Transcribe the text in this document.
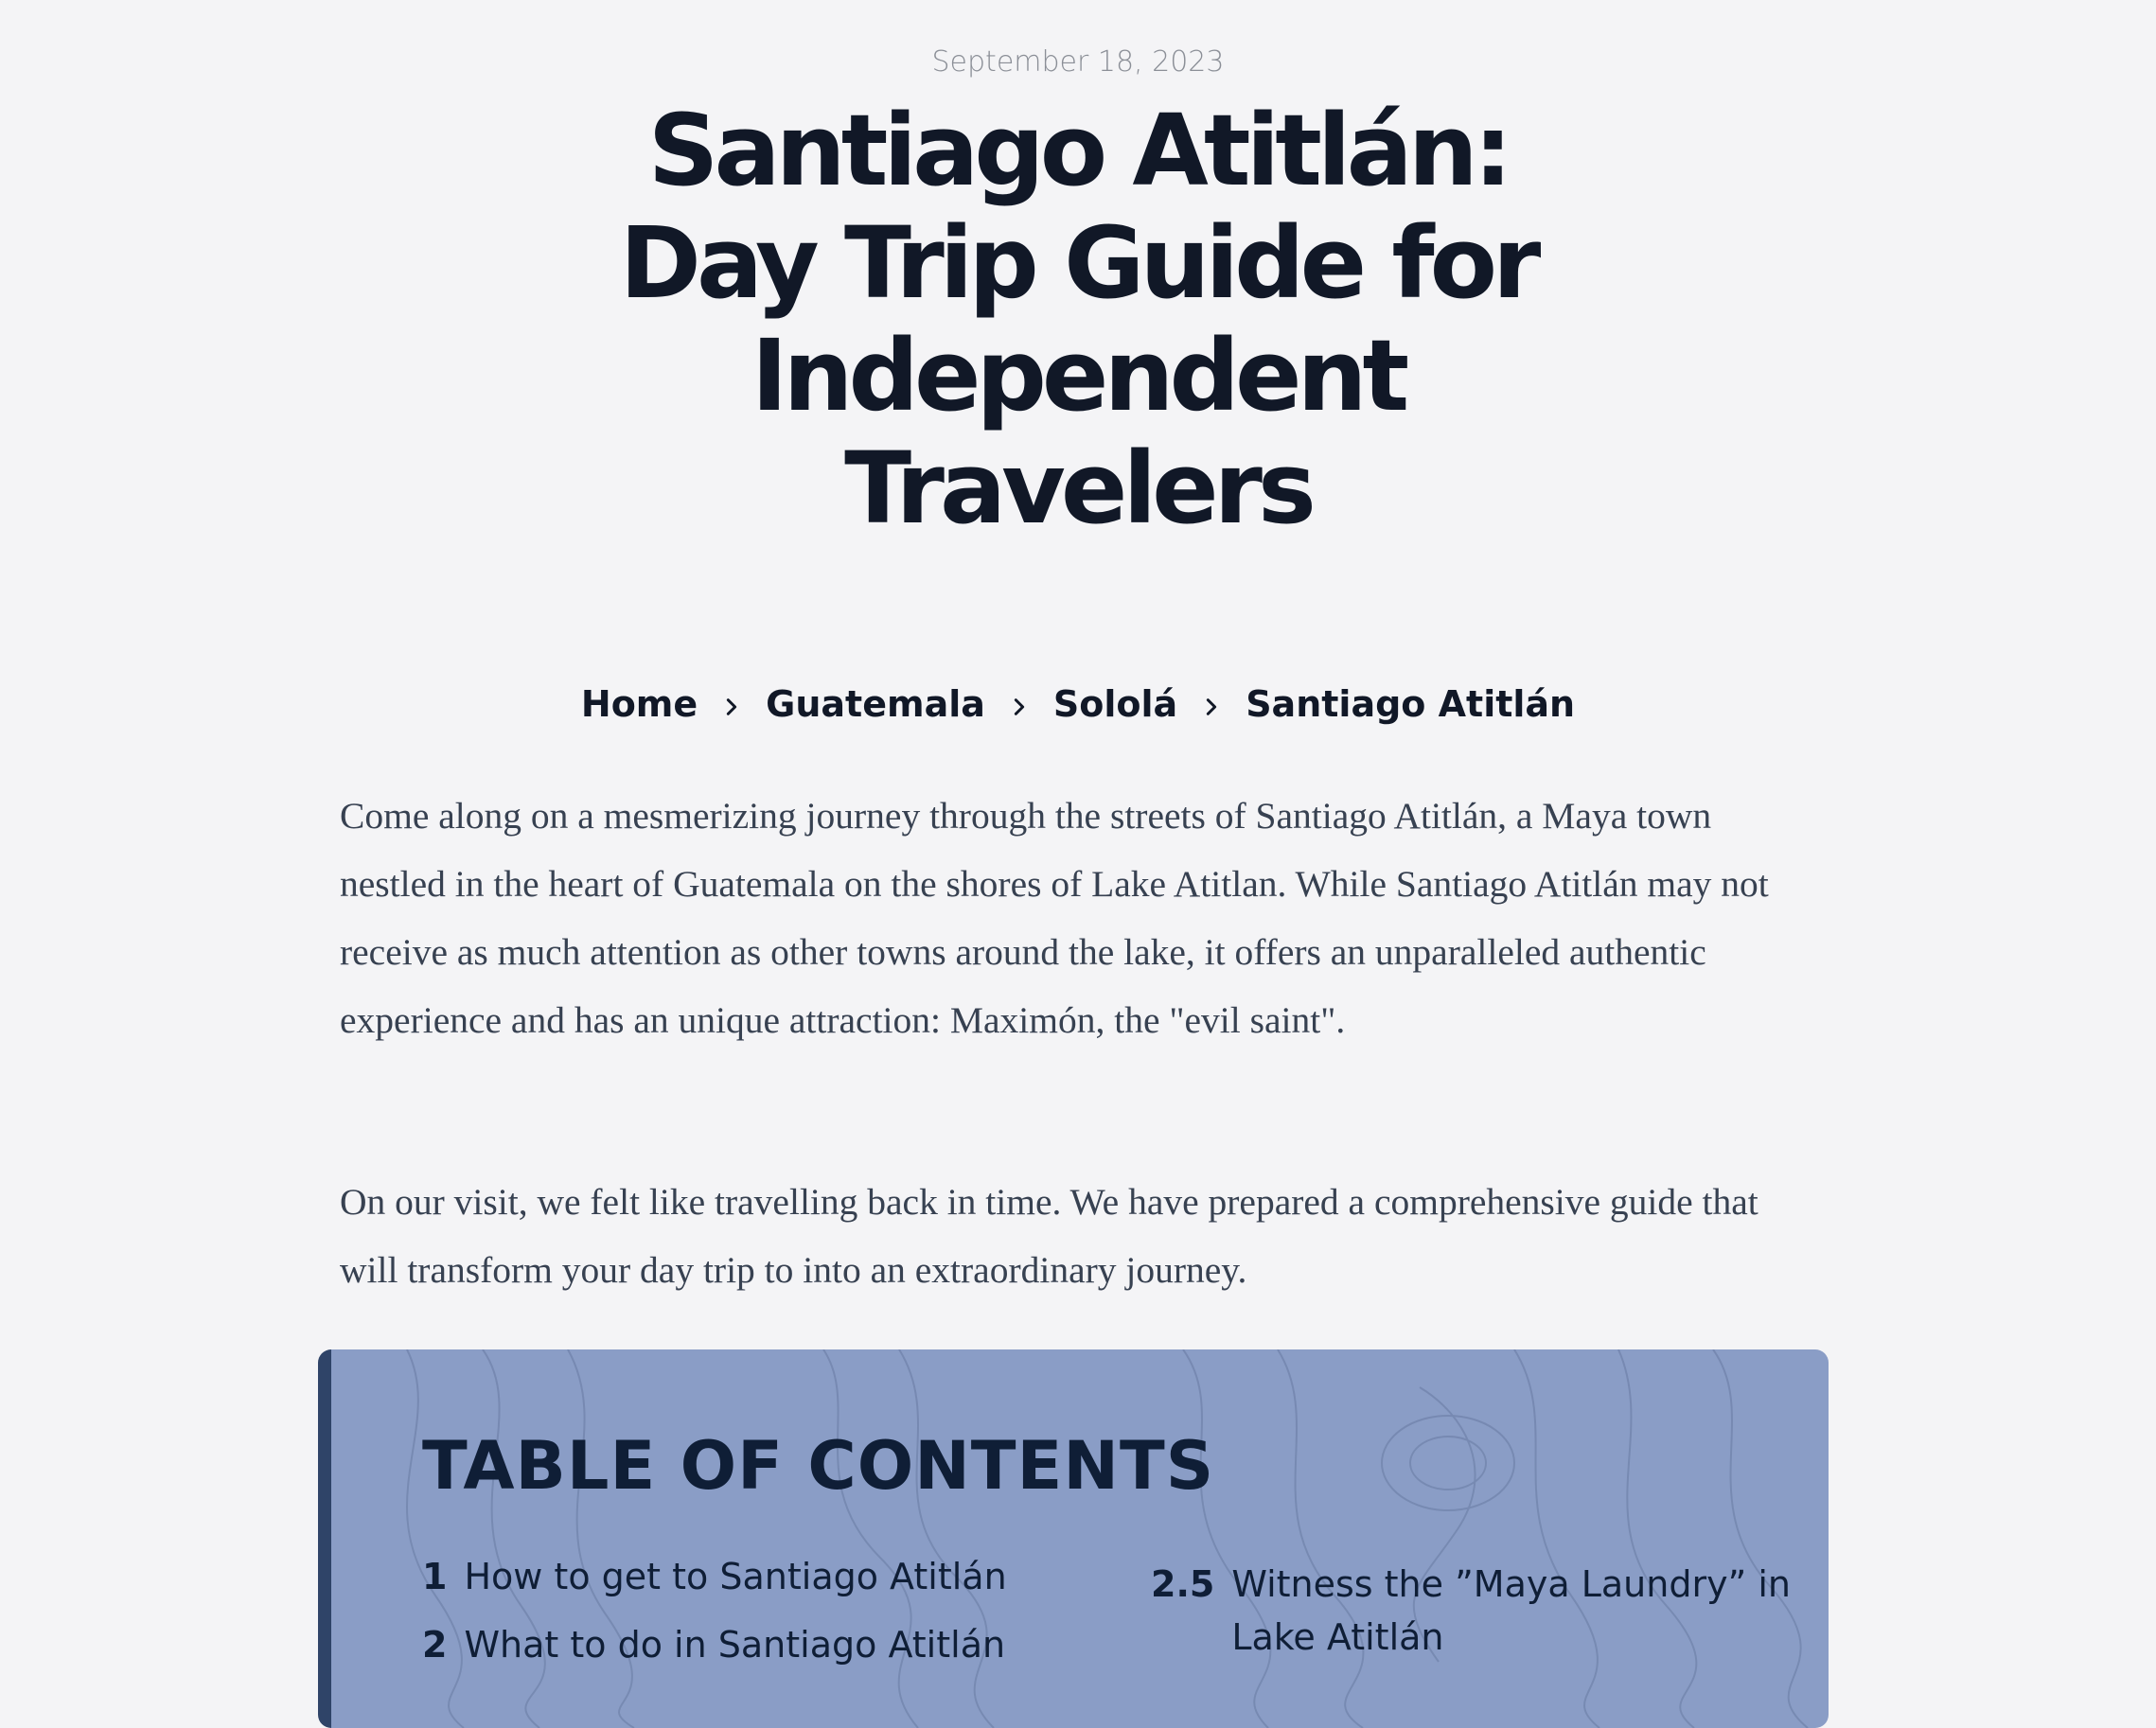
September 18, 2023
Santiago Atitlán: Day Trip Guide for Independent Travelers
Home Guatemala Sololá Santiago Atitlán

Come along on a mesmerizing journey through the streets of Santiago Atitlán, a Maya town nestled in the heart of Guatemala on the shores of Lake Atitlan. While Santiago Atitlán may not receive as much attention as other towns around the lake, it offers an unparalleled authentic experience and has an unique attraction: Maximón, the "evil saint".

On our visit, we felt like travelling back in time. We have prepared a comprehensive guide that will transform your day trip to into an extraordinary journey.

TABLE OF CONTENTS
1 How to get to Santiago Atitlán
2 What to do in Santiago Atitlán
2.5 Witness the ”Maya Laundry” in
Lake Atitlán
